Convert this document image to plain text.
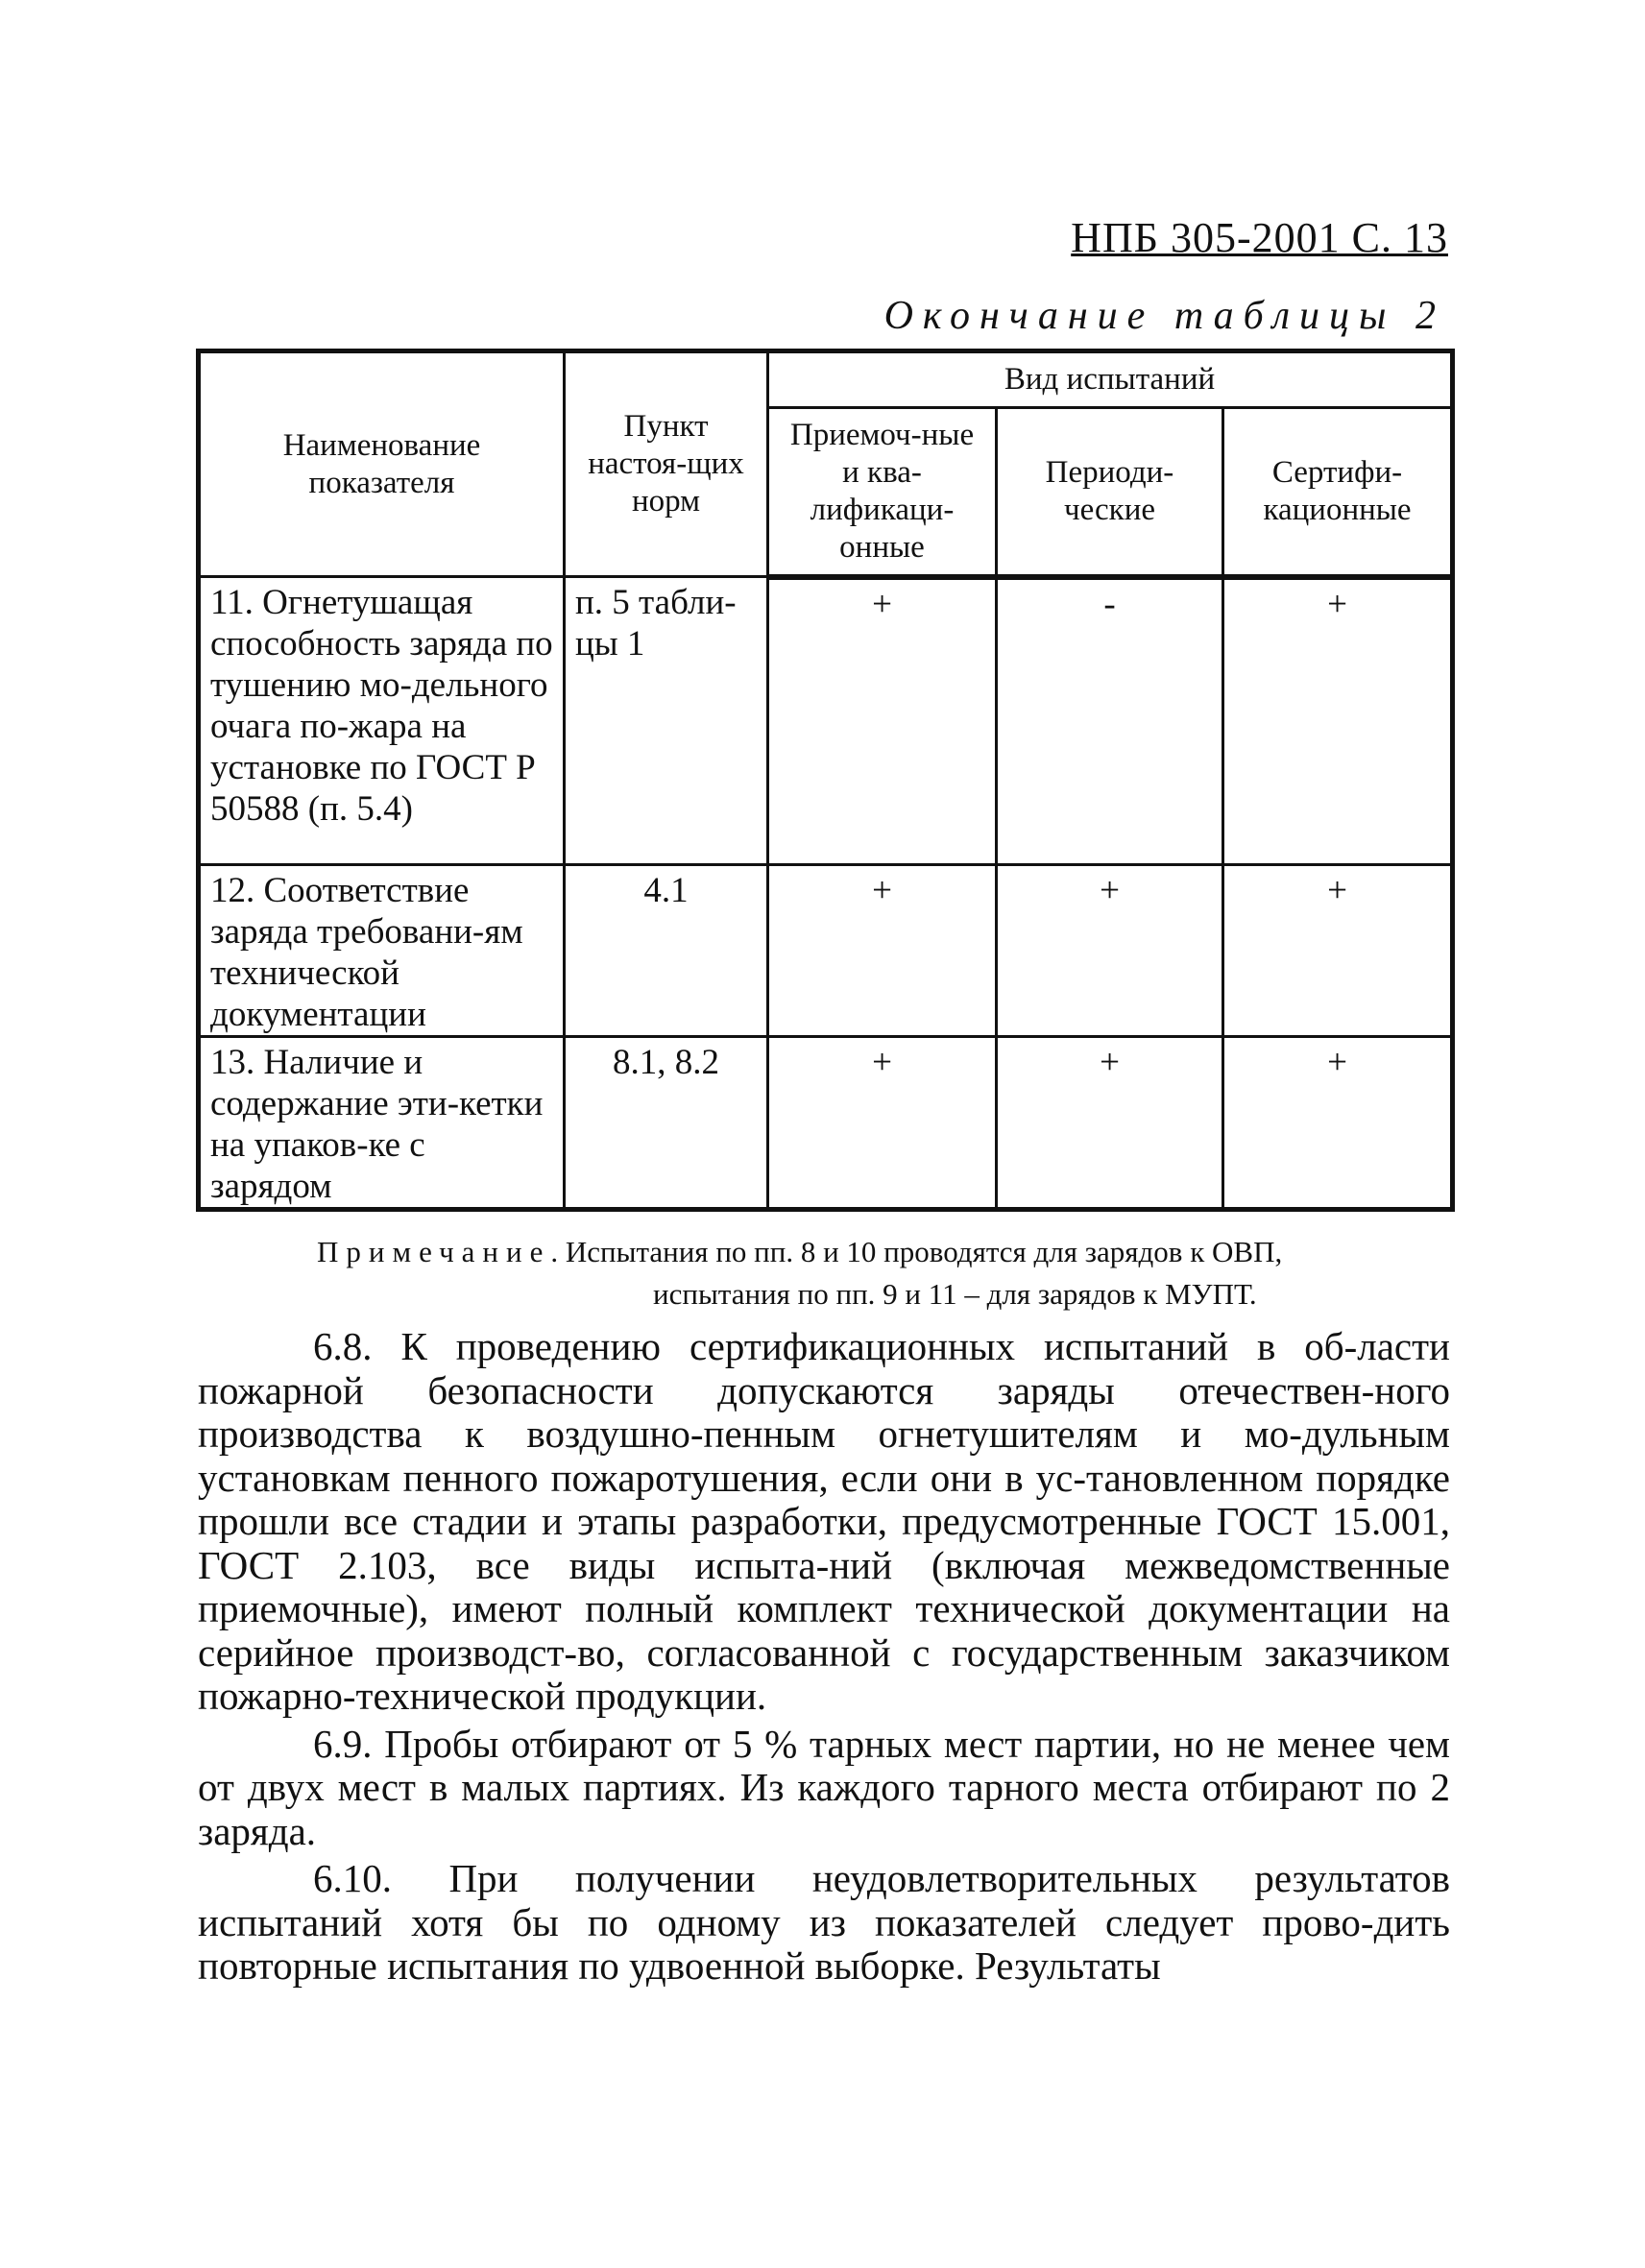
НПБ 305-2001 С. 13
Окончание таблицы 2
Наименование показателя	Пункт настоя-щих норм	Вид испытаний		
		Приемоч-ные и ква-лификаци-онные	Периоди-ческие	Сертифи-кационные
11. Огнетушащая способность заряда по тушению мо-дельного очага по-жара на установке по ГОСТ Р 50588 (п. 5.4)	п. 5 табли-цы 1	+	-	+
12. Соответствие заряда требовани-ям технической документации	4.1	+	+	+
13. Наличие и содержание эти-кетки на упаков-ке с зарядом	8.1, 8.2	+	+	+
Примечание. Испытания по пп. 8 и 10 проводятся для зарядов к ОВП,
испытания по пп. 9 и 11 – для зарядов к МУПТ.

6.8. К проведению сертификационных испытаний в об-ласти пожарной безопасности допускаются заряды отечествен-ного производства к воздушно-пенным огнетушителям и мо-дульным установкам пенного пожаротушения, если они в ус-тановленном порядке прошли все стадии и этапы разработки, предусмотренные ГОСТ 15.001, ГОСТ 2.103, все виды испыта-ний (включая межведомственные приемочные), имеют полный комплект технической документации на серийное производст-во, согласованной с государственным заказчиком пожарно-технической продукции.

6.9. Пробы отбирают от 5 % тарных мест партии, но не менее чем от двух мест в малых партиях. Из каждого тарного места отбирают по 2 заряда.

6.10. При получении неудовлетворительных результатов испытаний хотя бы по одному из показателей следует прово-дить повторные испытания по удвоенной выборке. Результаты
